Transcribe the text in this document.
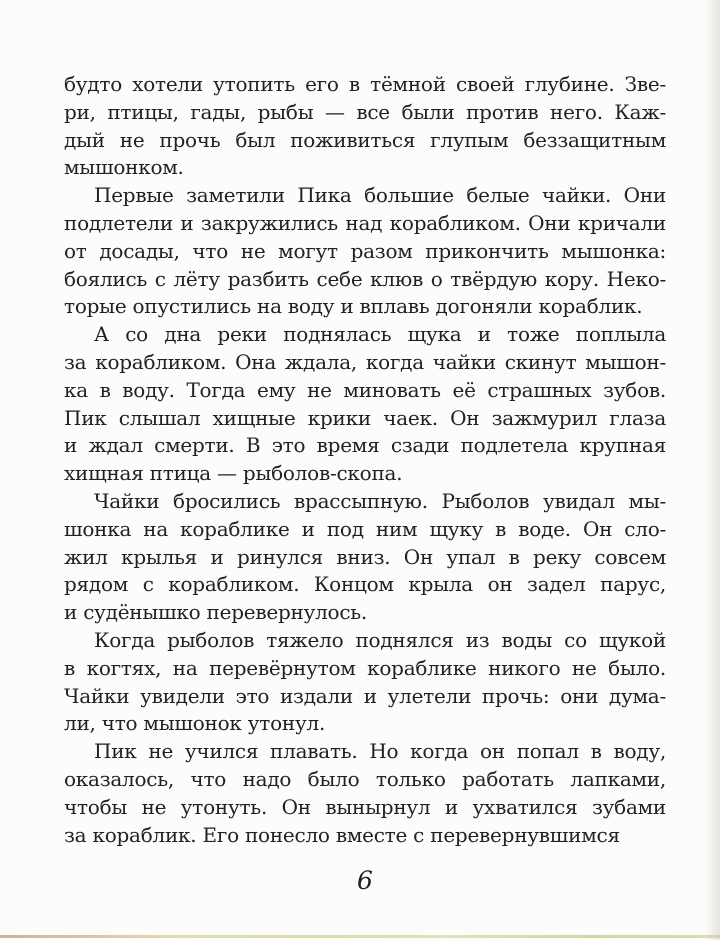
будто хотели утопить его в тёмной своей глубине. Зве-
ри, птицы, гады, рыбы — все были против него. Каж-
дый не прочь был поживиться глупым беззащитным
мышонком.
Первые заметили Пика большие белые чайки. Они
подлетели и закружились над корабликом. Они кричали
от досады, что не могут разом прикончить мышонка:
боялись с лёту разбить себе клюв о твёрдую кору. Неко-
торые опустились на воду и вплавь догоняли кораблик.
А со дна реки поднялась щука и тоже поплыла
за корабликом. Она ждала, когда чайки скинут мышон-
ка в воду. Тогда ему не миновать её страшных зубов.
Пик слышал хищные крики чаек. Он зажмурил глаза
и ждал смерти. В это время сзади подлетела крупная
хищная птица — рыболов-скопа.
Чайки бросились врассыпную. Рыболов увидал мы-
шонка на кораблике и под ним щуку в воде. Он сло-
жил крылья и ринулся вниз. Он упал в реку совсем
рядом с корабликом. Концом крыла он задел парус,
и судёнышко перевернулось.
Когда рыболов тяжело поднялся из воды со щукой
в когтях, на перевёрнутом кораблике никого не было.
Чайки увидели это издали и улетели прочь: они дума-
ли, что мышонок утонул.
Пик не учился плавать. Но когда он попал в воду,
оказалось, что надо было только работать лапками,
чтобы не утонуть. Он вынырнул и ухватился зубами
за кораблик. Его понесло вместе с перевернувшимся
6
